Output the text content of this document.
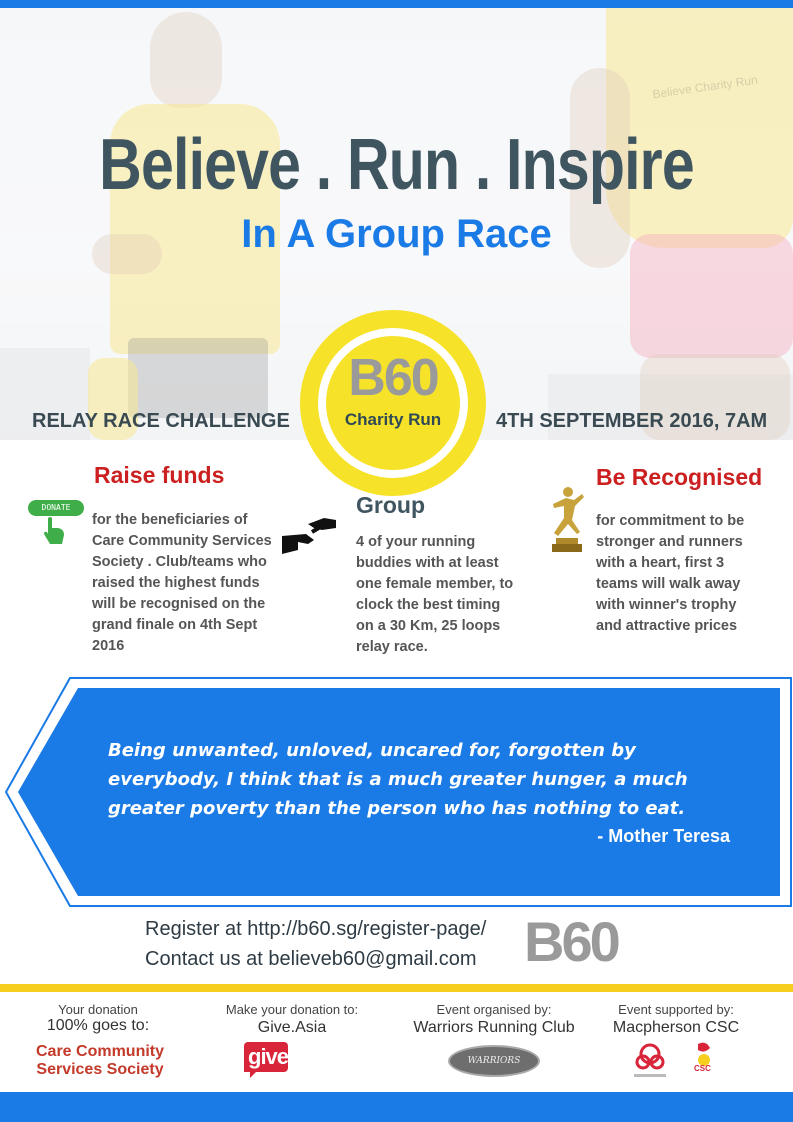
Believe Charity Run
Believe . Run . Inspire
In A Group Race
B60
Charity Run
RELAY RACE CHALLENGE	4TH SEPTEMBER 2016, 7AM
DONATE
Raise funds
for the beneficiaries of Care Community Services Society . Club/teams who raised the highest funds will be recognised on the grand finale on 4th Sept 2016
Group
4 of your running buddies with at least one female member, to clock the best timing on a 30 Km, 25 loops relay race.
Be Recognised
for commitment to be stronger and runners with a heart, first 3 teams will walk away with winner's trophy and attractive prices
Being unwanted, unloved, uncared for, forgotten by everybody, I think that is a much greater hunger, a much greater poverty than the person who has nothing to eat.
- Mother Teresa
Register at http://b60.sg/register-page/
Contact us at believeb60@gmail.com B60
Your donation
100% goes to:
Care Community Services Society
Make your donation to:
Give.Asia
give asia
Event organised by:
Warriors Running Club
WARRIORS
Event supported by:
Macpherson CSC
CSC
